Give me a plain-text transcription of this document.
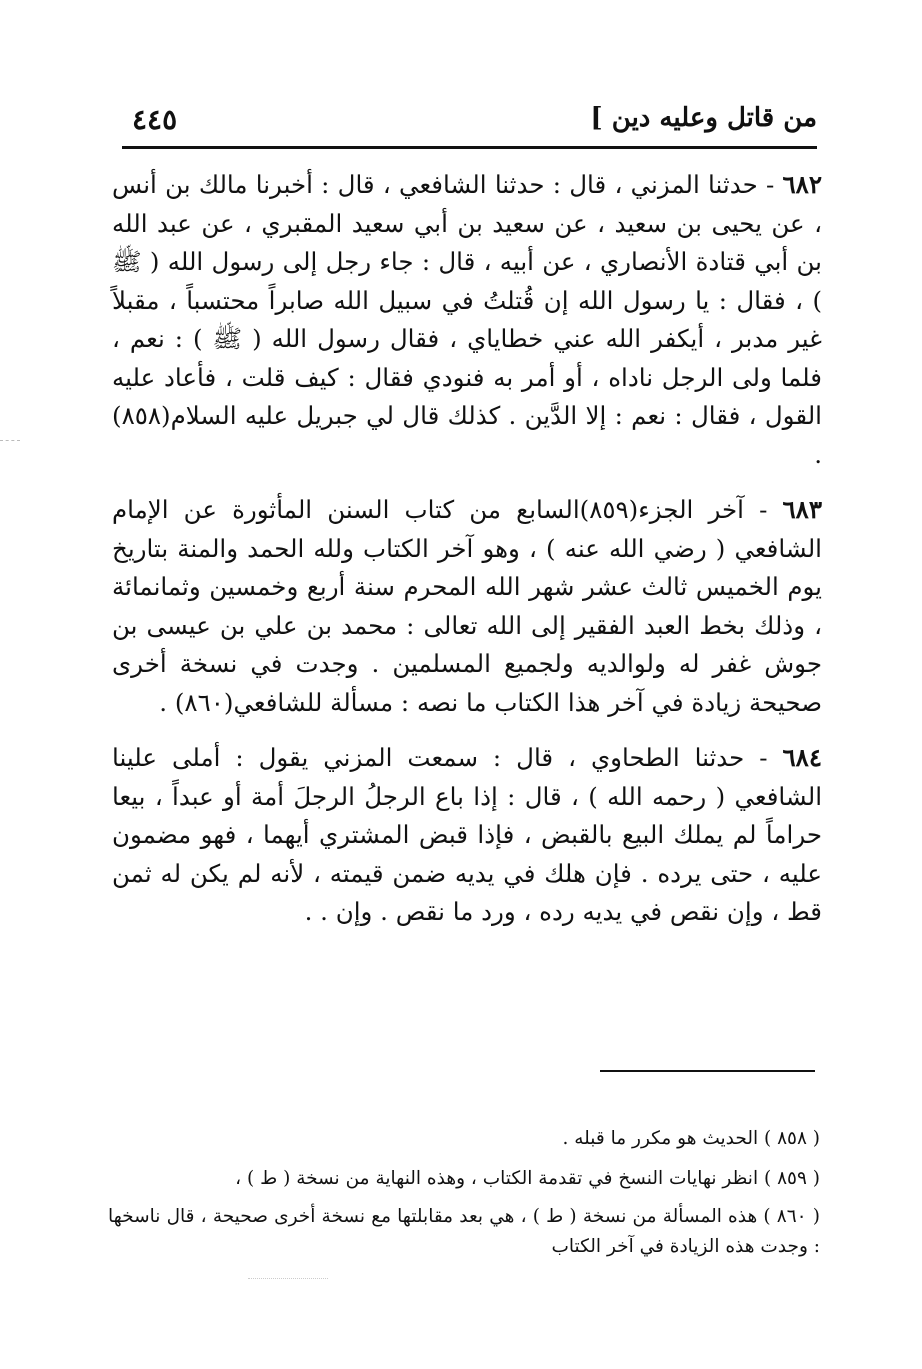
من قاتل وعليه دين ]
٤٤٥

٦٨٢ - حدثنا المزني ، قال : حدثنا الشافعي ، قال : أخبرنا مالك بن أنس ، عن يحيى بن سعيد ، عن سعيد بن أبي سعيد المقبري ، عن عبد الله بن أبي قتادة الأنصاري ، عن أبيه ، قال : جاء رجل إلى رسول الله ( ﷺ ) ، فقال : يا رسول الله إن قُتلتُ في سبيل الله صابراً محتسباً ، مقبلاً غير مدبر ، أيكفر الله عني خطاياي ، فقال رسول الله ( ﷺ ) : نعم ، فلما ولى الرجل ناداه ، أو أمر به فنودي فقال : كيف قلت ، فأعاد عليه القول ، فقال : نعم : إلا الدَّين . كذلك قال لي جبريل عليه السلام(٨٥٨) .

٦٨٣ - آخر الجزء(٨٥٩)السابع من كتاب السنن المأثورة عن الإمام الشافعي ( رضي الله عنه ) ، وهو آخر الكتاب ولله الحمد والمنة بتاريخ يوم الخميس ثالث عشر شهر الله المحرم سنة أربع وخمسين وثمانمائة ، وذلك بخط العبد الفقير إلى الله تعالى : محمد بن علي بن عيسى بن جوش غفر له ولوالديه ولجميع المسلمين . وجدت في نسخة أخرى صحيحة زيادة في آخر هذا الكتاب ما نصه : مسألة للشافعي(٨٦٠) .

٦٨٤ - حدثنا الطحاوي ، قال : سمعت المزني يقول : أملى علينا الشافعي ( رحمه الله ) ، قال : إذا باع الرجلُ الرجلَ أمة أو عبداً ، بيعا حراماً لم يملك البيع بالقبض ، فإذا قبض المشتري أيهما ، فهو مضمون عليه ، حتى يرده . فإن هلك في يديه ضمن قيمته ، لأنه لم يكن له ثمن قط ، وإن نقص في يديه رده ، ورد ما نقص . وإن . .

( ٨٥٨ ) الحديث هو مكرر ما قبله .

( ٨٥٩ ) انظر نهايات النسخ في تقدمة الكتاب ، وهذه النهاية من نسخة ( ط ) ،

( ٨٦٠ ) هذه المسألة من نسخة ( ط ) ، هي بعد مقابلتها مع نسخة أخرى صحيحة ، قال ناسخها : وجدت هذه الزيادة في آخر الكتاب
